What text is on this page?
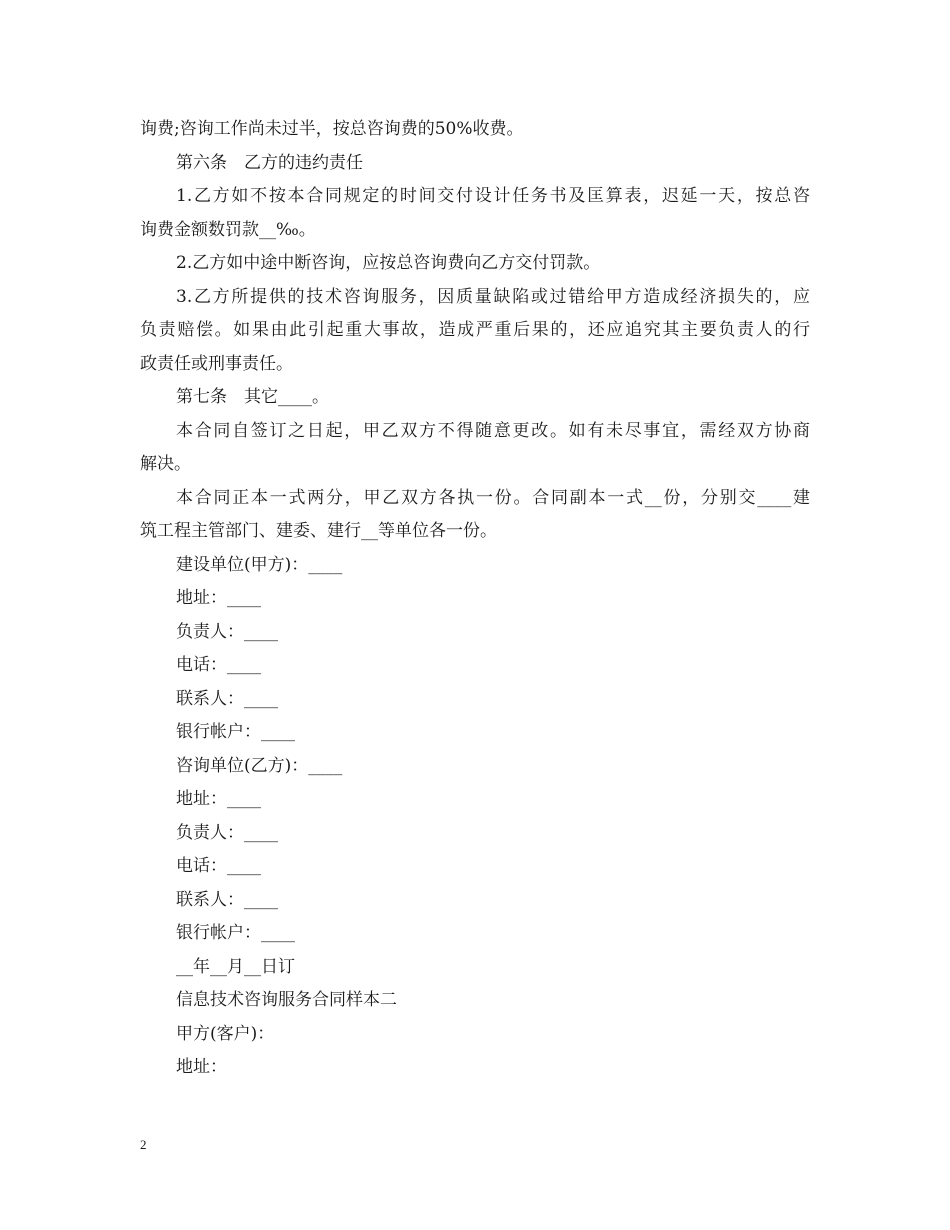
询费;咨询工作尚未过半，按总咨询费的50%收费。
第六条　乙方的违约责任
1.乙方如不按本合同规定的时间交付设计任务书及匡算表，迟延一天，按总咨
询费金额数罚款__‰。
2.乙方如中途中断咨询，应按总咨询费向乙方交付罚款。
3.乙方所提供的技术咨询服务，因质量缺陷或过错给甲方造成经济损失的，应
负责赔偿。如果由此引起重大事故，造成严重后果的，还应追究其主要负责人的行
政责任或刑事责任。
第七条　其它____。
本合同自签订之日起，甲乙双方不得随意更改。如有未尽事宜，需经双方协商
解决。
本合同正本一式两分，甲乙双方各执一份。合同副本一式__份，分别交____建
筑工程主管部门、建委、建行__等单位各一份。
建设单位(甲方)：____
地址：____
负责人：____
电话：____
联系人：____
银行帐户：____
咨询单位(乙方)：____
地址：____
负责人：____
电话：____
联系人：____
银行帐户：____
__年__月__日订
信息技术咨询服务合同样本二
甲方(客户)：
地址：
2
